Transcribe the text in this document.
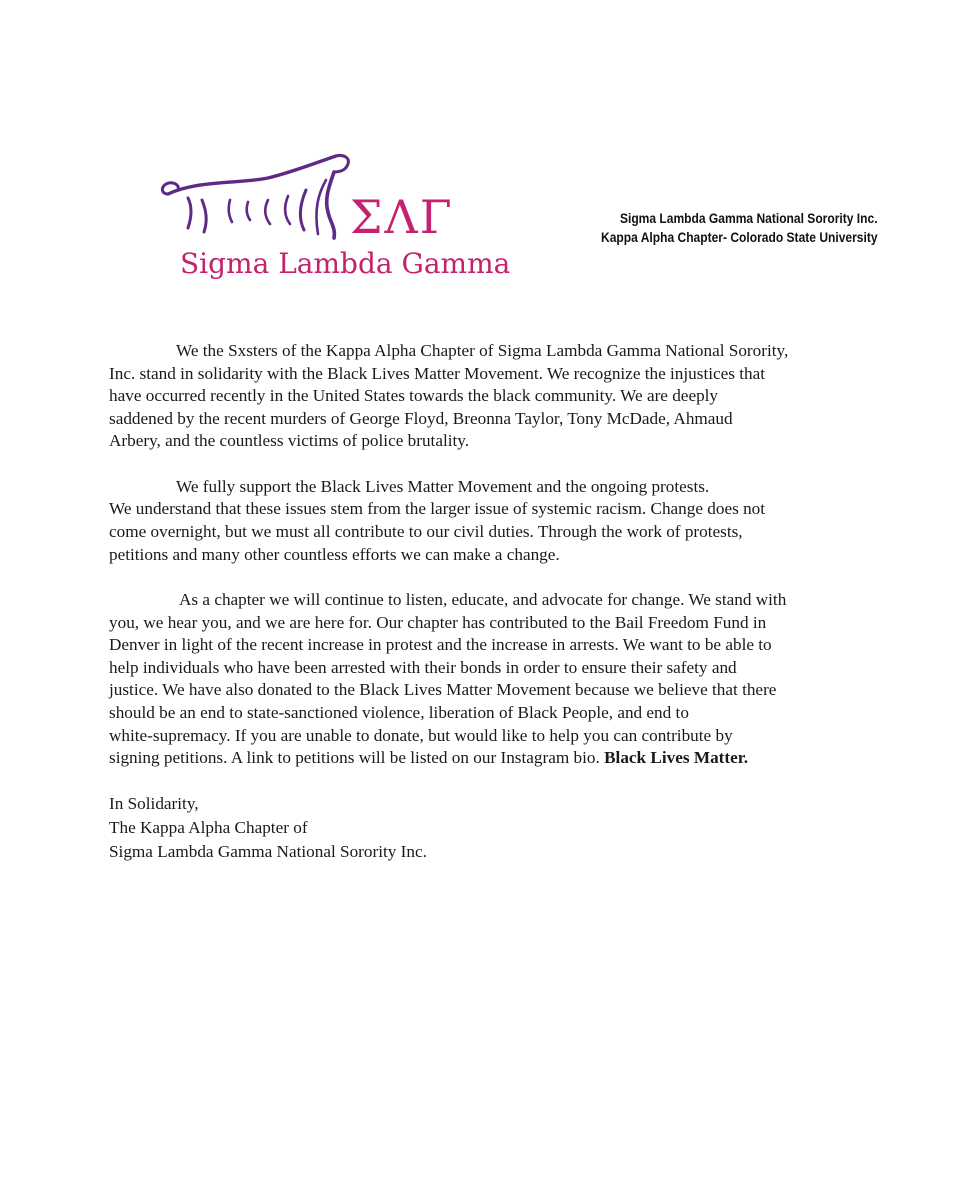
ΣΛΓ
Sigma Lambda Gamma
Sigma Lambda Gamma National Sorority Inc.
Kappa Alpha Chapter- Colorado State University
We the Sxsters of the Kappa Alpha Chapter of Sigma Lambda Gamma National Sorority,
Inc. stand in solidarity with the Black Lives Matter Movement. We recognize the injustices that
have occurred recently in the United States towards the black community. We are deeply
saddened by the recent murders of George Floyd, Breonna Taylor, Tony McDade, Ahmaud
Arbery, and the countless victims of police brutality.
We fully support the Black Lives Matter Movement and the ongoing protests.
We understand that these issues stem from the larger issue of systemic racism. Change does not
come overnight, but we must all contribute to our civil duties. Through the work of protests,
petitions and many other countless efforts we can make a change.
As a chapter we will continue to listen, educate, and advocate for change. We stand with
you, we hear you, and we are here for. Our chapter has contributed to the Bail Freedom Fund in
Denver in light of the recent increase in protest and the increase in arrests. We want to be able to
help individuals who have been arrested with their bonds in order to ensure their safety and
justice. We have also donated to the Black Lives Matter Movement because we believe that there
should be an end to state-sanctioned violence, liberation of Black People, and end to
white-supremacy. If you are unable to donate, but would like to help you can contribute by
signing petitions. A link to petitions will be listed on our Instagram bio. Black Lives Matter.
In Solidarity,
The Kappa Alpha Chapter of
Sigma Lambda Gamma National Sorority Inc.
